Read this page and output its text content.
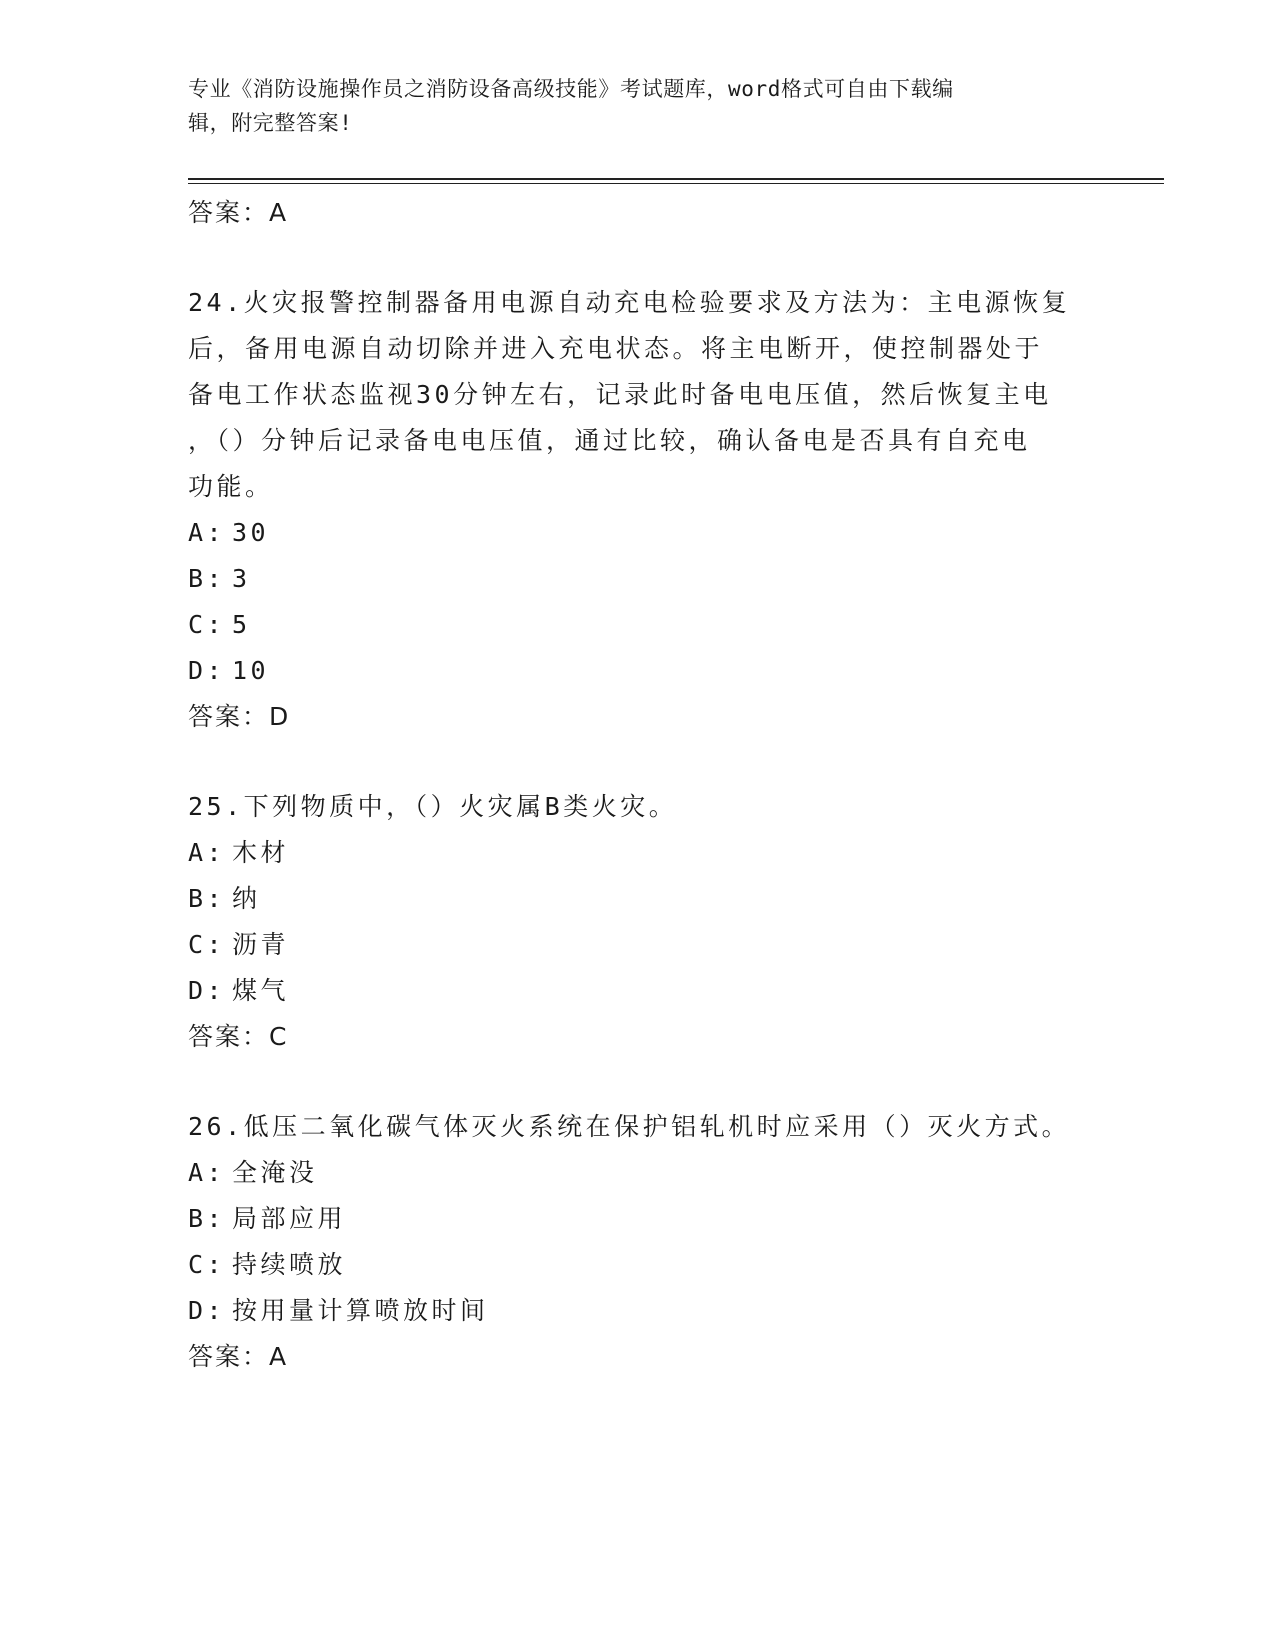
专业《消防设施操作员之消防设备高级技能》考试题库，word格式可自由下载编
辑，附完整答案!
答案：A
24.火灾报警控制器备用电源自动充电检验要求及方法为：主电源恢复
后，备用电源自动切除并进入充电状态。将主电断开，使控制器处于
备电工作状态监视30分钟左右，记录此时备电电压值，然后恢复主电
，（）分钟后记录备电电压值，通过比较，确认备电是否具有自充电
功能。
A: 30
B: 3
C: 5
D: 10
答案：D
25.下列物质中，（）火灾属B类火灾。
A: 木材
B: 纳
C: 沥青
D: 煤气
答案：C
26.低压二氧化碳气体灭火系统在保护铝轧机时应采用（）灭火方式。
A: 全淹没
B: 局部应用
C: 持续喷放
D: 按用量计算喷放时间
答案：A
